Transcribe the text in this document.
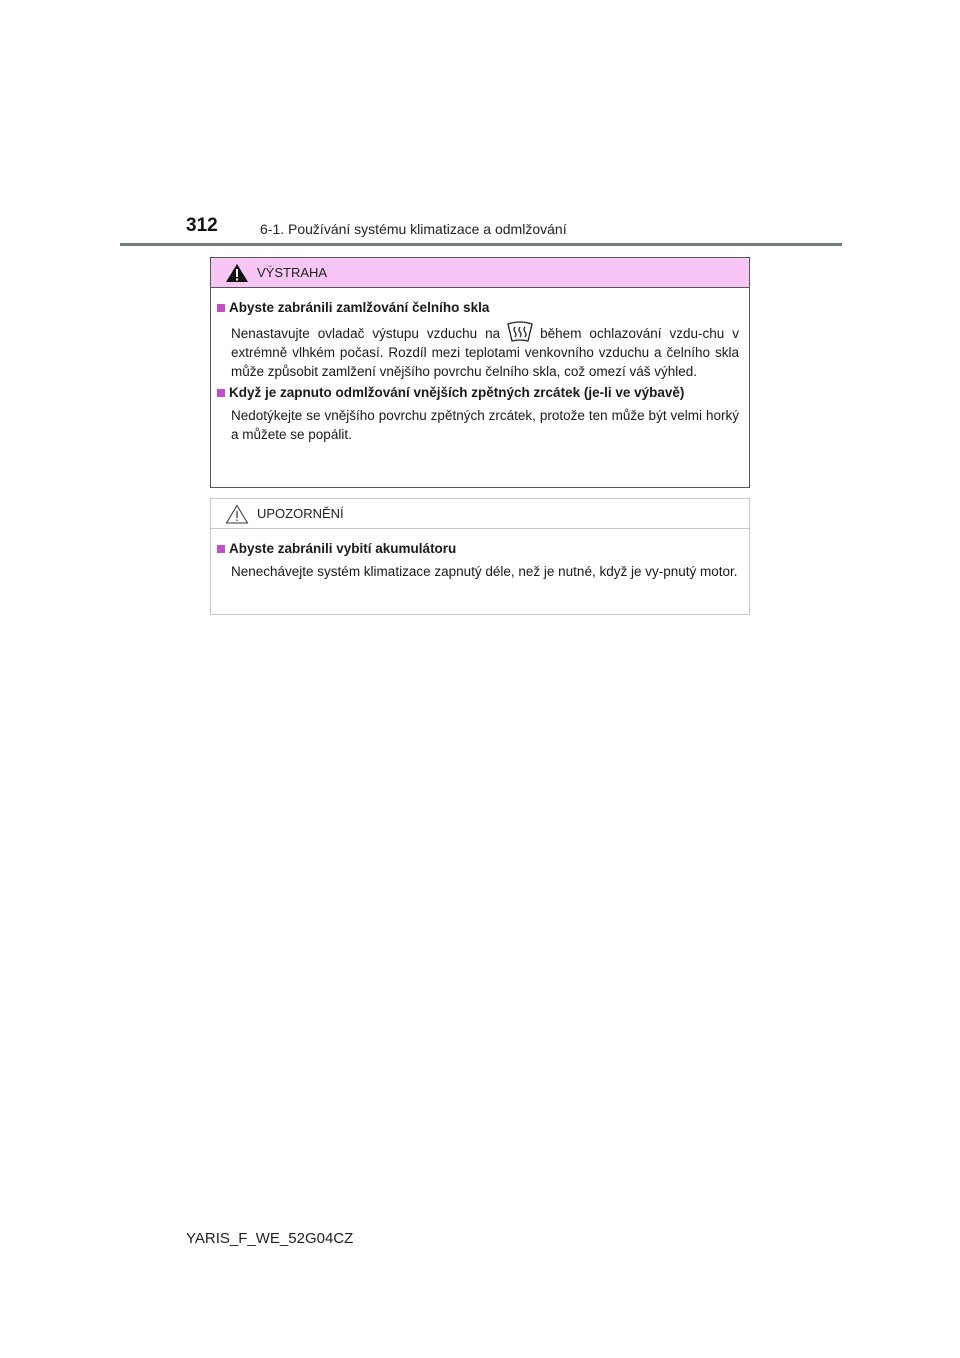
312	6-1. Používání systému klimatizace a odmlžování
VÝSTRAHA
Abyste zabránili zamlžování čelního skla
Nenastavujte ovladač výstupu vzduchu na	během ochlazování vzdu-chu v extrémně vlhkém počasí. Rozdíl mezi teplotami venkovního vzduchu a čelního skla může způsobit zamlžení vnějšího povrchu čelního skla, což omezí váš výhled.
Když je zapnuto odmlžování vnějších zpětných zrcátek (je-li ve výbavě)
Nedotýkejte se vnějšího povrchu zpětných zrcátek, protože ten může být velmi horký a můžete se popálit.
UPOZORNĚNÍ
Abyste zabránili vybití akumulátoru
Nenechávejte systém klimatizace zapnutý déle, než je nutné, když je vy-pnutý motor.
YARIS_F_WE_52G04CZ
